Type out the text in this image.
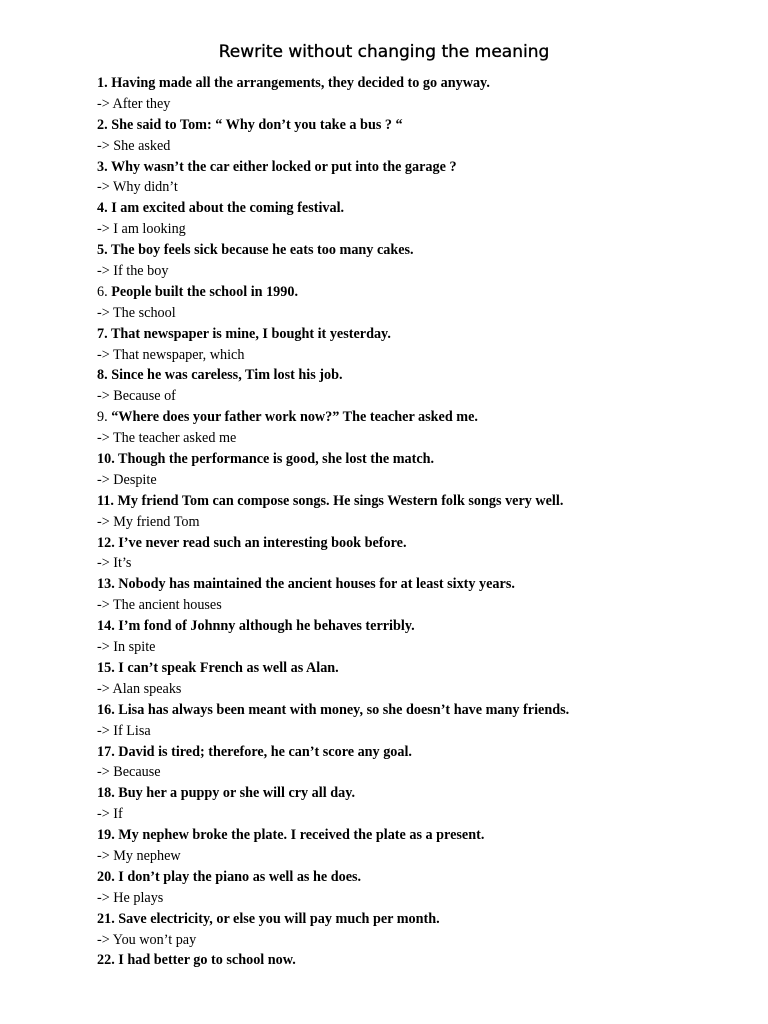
Rewrite without changing the meaning
1. Having made all the arrangements, they decided to go anyway.
-> After they
2. She said to Tom: “ Why don’t you take a bus ? “
-> She asked
3. Why wasn’t the car either locked or put into the garage ?
-> Why didn’t
4. I am excited about the coming festival.
-> I am looking
5. The boy feels sick because he eats too many cakes.
-> If the boy
6. People built the school in 1990.
-> The school
7. That newspaper is mine, I bought it yesterday.
-> That newspaper, which
8. Since he was careless, Tim lost his job.
-> Because of
9. “Where does your father work now?” The teacher asked me.
-> The teacher asked me
10. Though the performance is good, she lost the match.
-> Despite
11. My friend Tom can compose songs. He sings Western folk songs very well.
-> My friend Tom
12. I’ve never read such an interesting book before.
-> It’s
13. Nobody has maintained the ancient houses for at least sixty years.
-> The ancient houses
14. I’m fond of Johnny although he behaves terribly.
-> In spite
15. I can’t speak French as well as Alan.
-> Alan speaks
16. Lisa has always been meant with money, so she doesn’t have many friends.
-> If Lisa
17. David is tired; therefore, he can’t score any goal.
-> Because
18. Buy her a puppy or she will cry all day.
-> If
19. My nephew broke the plate. I received the plate as a present.
-> My nephew
20. I don’t play the piano as well as he does.
-> He plays
21. Save electricity, or else you will pay much per month.
-> You won’t pay
22. I had better go to school now.
